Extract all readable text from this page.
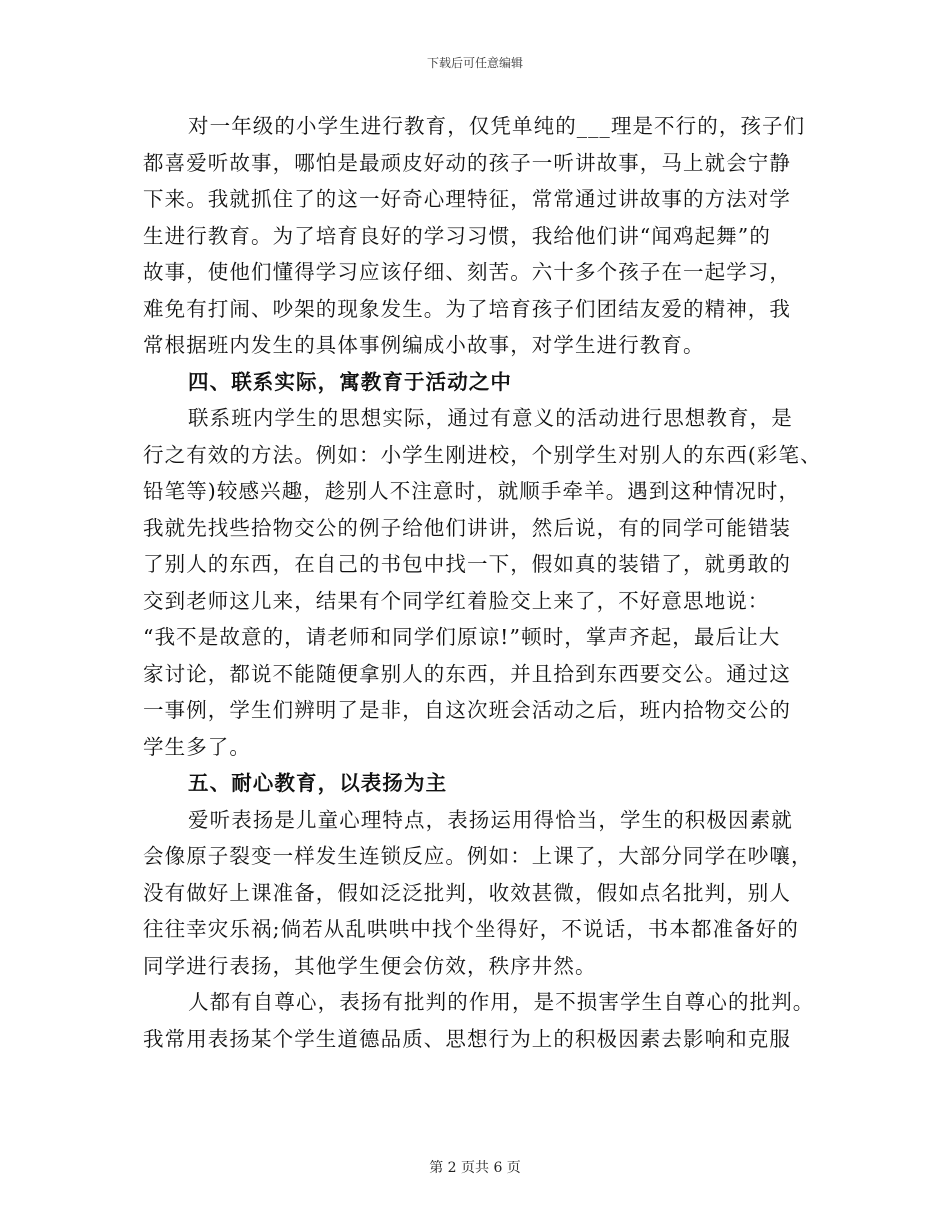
下载后可任意编辑
对一年级的小学生进行教育，仅凭单纯的___理是不行的，孩子们
都喜爱听故事，哪怕是最顽皮好动的孩子一听讲故事，马上就会宁静
下来。我就抓住了的这一好奇心理特征，常常通过讲故事的方法对学
生进行教育。为了培育良好的学习习惯，我给他们讲“闻鸡起舞”的
故事，使他们懂得学习应该仔细、刻苦。六十多个孩子在一起学习，
难免有打闹、吵架的现象发生。为了培育孩子们团结友爱的精神，我
常根据班内发生的具体事例编成小故事，对学生进行教育。
四、联系实际，寓教育于活动之中
联系班内学生的思想实际，通过有意义的活动进行思想教育，是
行之有效的方法。例如：小学生刚进校，个别学生对别人的东西(彩笔、
铅笔等)较感兴趣，趁别人不注意时，就顺手牵羊。遇到这种情况时，
我就先找些拾物交公的例子给他们讲讲，然后说，有的同学可能错装
了别人的东西，在自己的书包中找一下，假如真的装错了，就勇敢的
交到老师这儿来，结果有个同学红着脸交上来了，不好意思地说：
“我不是故意的，请老师和同学们原谅!”顿时，掌声齐起，最后让大
家讨论，都说不能随便拿别人的东西，并且拾到东西要交公。通过这
一事例，学生们辨明了是非，自这次班会活动之后，班内拾物交公的
学生多了。
五、耐心教育，以表扬为主
爱听表扬是儿童心理特点，表扬运用得恰当，学生的积极因素就
会像原子裂变一样发生连锁反应。例如：上课了，大部分同学在吵嚷，
没有做好上课准备，假如泛泛批判，收效甚微，假如点名批判，别人
往往幸灾乐祸;倘若从乱哄哄中找个坐得好，不说话，书本都准备好的
同学进行表扬，其他学生便会仿效，秩序井然。
人都有自尊心，表扬有批判的作用，是不损害学生自尊心的批判。
我常用表扬某个学生道德品质、思想行为上的积极因素去影响和克服
第 2 页共 6 页
